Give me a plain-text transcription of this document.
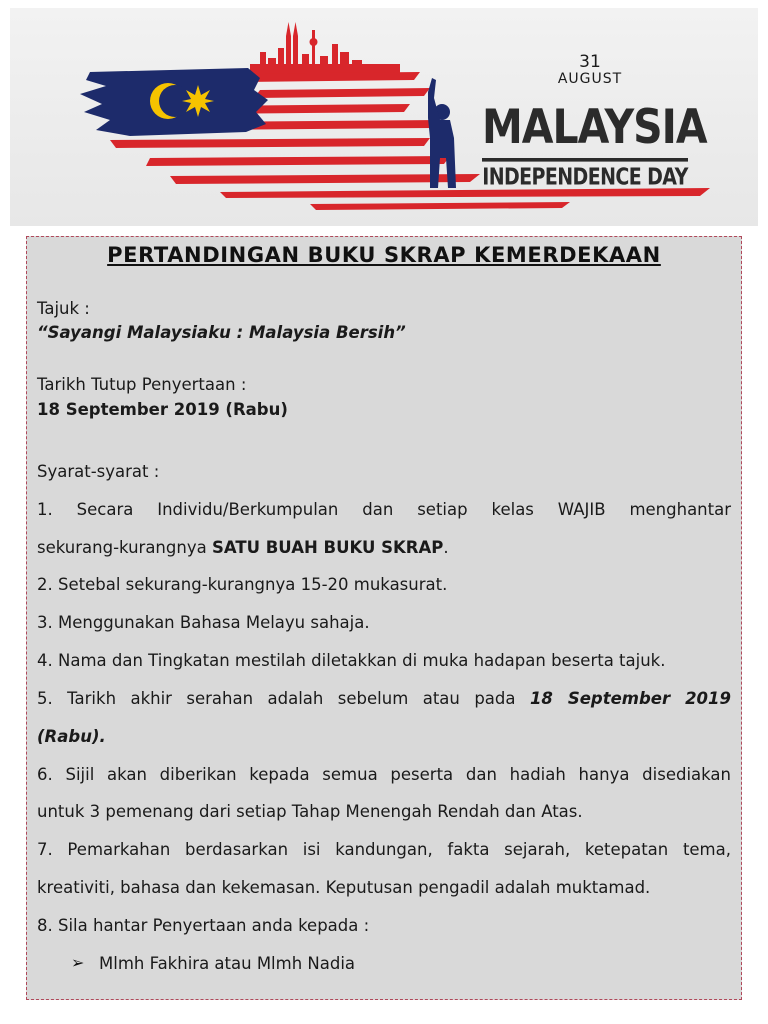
31
AUGUST
MALAYSIA
INDEPENDENCE DAY
PERTANDINGAN BUKU SKRAP KEMERDEKAAN
Tajuk :
“Sayangi Malaysiaku : Malaysia Bersih”
Tarikh Tutup Penyertaan :
18 September 2019 (Rabu)
Syarat-syarat :
1. Secara Individu/Berkumpulan dan setiap kelas WAJIB menghantar
sekurang-kurangnya SATU BUAH BUKU SKRAP.
2. Setebal sekurang-kurangnya 15-20 mukasurat.
3. Menggunakan Bahasa Melayu sahaja.
4. Nama dan Tingkatan mestilah diletakkan di muka hadapan beserta tajuk.
5. Tarikh akhir serahan adalah sebelum atau pada 18 September 2019
(Rabu).
6. Sijil akan diberikan kepada semua peserta dan hadiah hanya disediakan
untuk 3 pemenang dari setiap Tahap Menengah Rendah dan Atas.
7. Pemarkahan berdasarkan isi kandungan, fakta sejarah, ketepatan tema,
kreativiti, bahasa dan kekemasan. Keputusan pengadil adalah muktamad.
8. Sila hantar Penyertaan anda kepada :
➢ Mlmh Fakhira atau Mlmh Nadia
